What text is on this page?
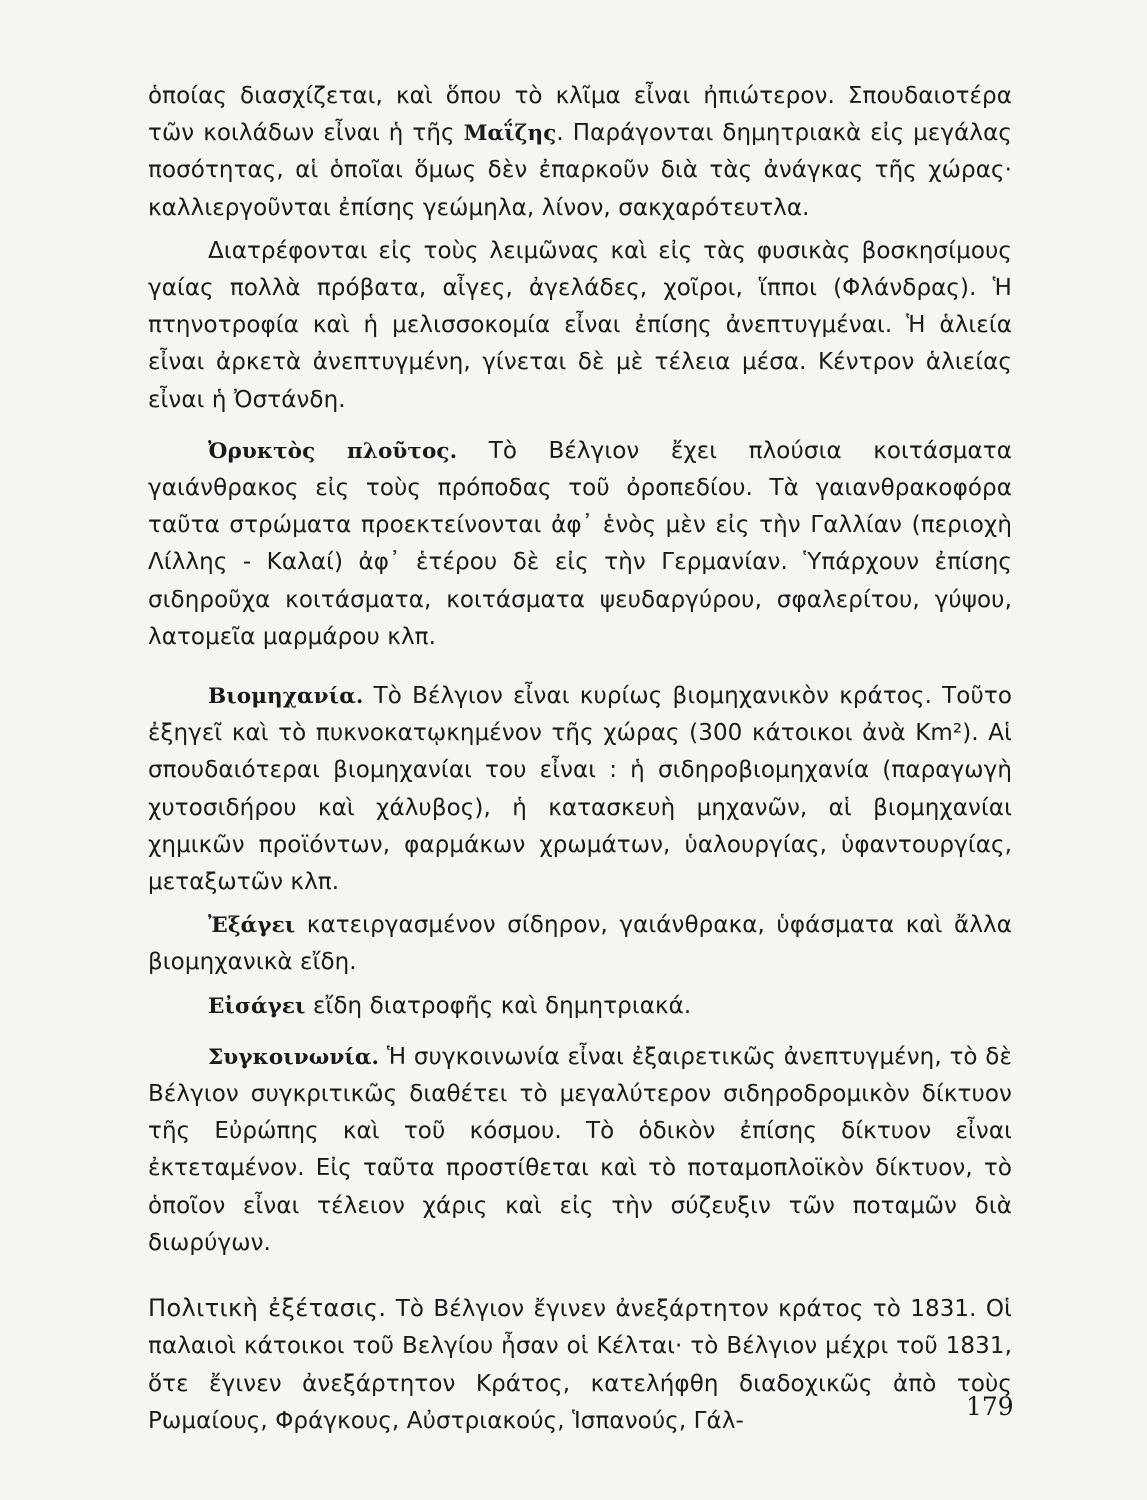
ὁποίας διασχίζεται, καὶ ὅπου τὸ κλῖμα εἶναι ἠπιώτερον. Σπουδαιοτέρα τῶν κοιλάδων εἶναι ἡ τῆς Μαΐζης. Παράγονται δημητριακὰ εἰς μεγάλας ποσότητας, αἱ ὁποῖαι ὅμως δὲν ἐπαρκοῦν διὰ τὰς ἀνάγκας τῆς χώρας· καλλιεργοῦνται ἐπίσης γεώμηλα, λίνον, σακχαρότευτλα.

Διατρέφονται εἰς τοὺς λειμῶνας καὶ εἰς τὰς φυσικὰς βοσκησίμους γαίας πολλὰ πρόβατα, αἶγες, ἀγελάδες, χοῖροι, ἵπποι (Φλάνδρας). Ἡ πτηνοτροφία καὶ ἡ μελισσοκομία εἶναι ἐπίσης ἀνεπτυγμέναι. Ἡ ἁλιεία εἶναι ἀρκετὰ ἀνεπτυγμένη, γίνεται δὲ μὲ τέλεια μέσα. Κέντρον ἁλιείας εἶναι ἡ Ὀστάνδη.

Ὀρυκτὸς πλοῦτος. Τὸ Βέλγιον ἔχει πλούσια κοιτάσματα γαιάνθρακος εἰς τοὺς πρόποδας τοῦ ὀροπεδίου. Τὰ γαιανθρακοφόρα ταῦτα στρώματα προεκτείνονται ἀφ᾿ ἑνὸς μὲν εἰς τὴν Γαλλίαν (περιοχὴ Λίλλης - Καλαί) ἀφ᾿ ἑτέρου δὲ εἰς τὴν Γερμανίαν. Ὑπάρχουν ἐπίσης σιδηροῦχα κοιτάσματα, κοιτάσματα ψευδαργύρου, σφαλερίτου, γύψου, λατομεῖα μαρμάρου κλπ.

Βιομηχανία. Τὸ Βέλγιον εἶναι κυρίως βιομηχανικὸν κράτος. Τοῦτο ἐξηγεῖ καὶ τὸ πυκνοκατῳκημένον τῆς χώρας (300 κάτοικοι ἀνὰ Km²). Αἱ σπουδαιότεραι βιομηχανίαι του εἶναι : ἡ σιδηροβιομηχανία (παραγωγὴ χυτοσιδήρου καὶ χάλυβος), ἡ κατασκευὴ μηχανῶν, αἱ βιομηχανίαι χημικῶν προϊόντων, φαρμάκων χρωμάτων, ὑαλουργίας, ὑφαντουργίας, μεταξωτῶν κλπ.

Ἐξάγει κατειργασμένον σίδηρον, γαιάνθρακα, ὑφάσματα καὶ ἄλλα βιομηχανικὰ εἴδη.

Εἰσάγει εἴδη διατροφῆς καὶ δημητριακά.

Συγκοινωνία. Ἡ συγκοινωνία εἶναι ἐξαιρετικῶς ἀνεπτυγμένη, τὸ δὲ Βέλγιον συγκριτικῶς διαθέτει τὸ μεγαλύτερον σιδηροδρομικὸν δίκτυον τῆς Εὐρώπης καὶ τοῦ κόσμου. Τὸ ὁδικὸν ἐπίσης δίκτυον εἶναι ἐκτεταμένον. Εἰς ταῦτα προστίθεται καὶ τὸ ποταμοπλοϊκὸν δίκτυον, τὸ ὁποῖον εἶναι τέλειον χάρις καὶ εἰς τὴν σύζευξιν τῶν ποταμῶν διὰ διωρύγων.

Πολιτικὴ ἐξέτασις. Τὸ Βέλγιον ἔγινεν ἀνεξάρτητον κράτος τὸ 1831. Οἱ παλαιοὶ κάτοικοι τοῦ Βελγίου ἦσαν οἱ Κέλται· τὸ Βέλγιον μέχρι τοῦ 1831, ὅτε ἔγινεν ἀνεξάρτητον Κράτος, κατελήφθη διαδοχικῶς ἀπὸ τοὺς Ρωμαίους, Φράγκους, Αὐστριακούς, Ἱσπανούς, Γάλ-	179
